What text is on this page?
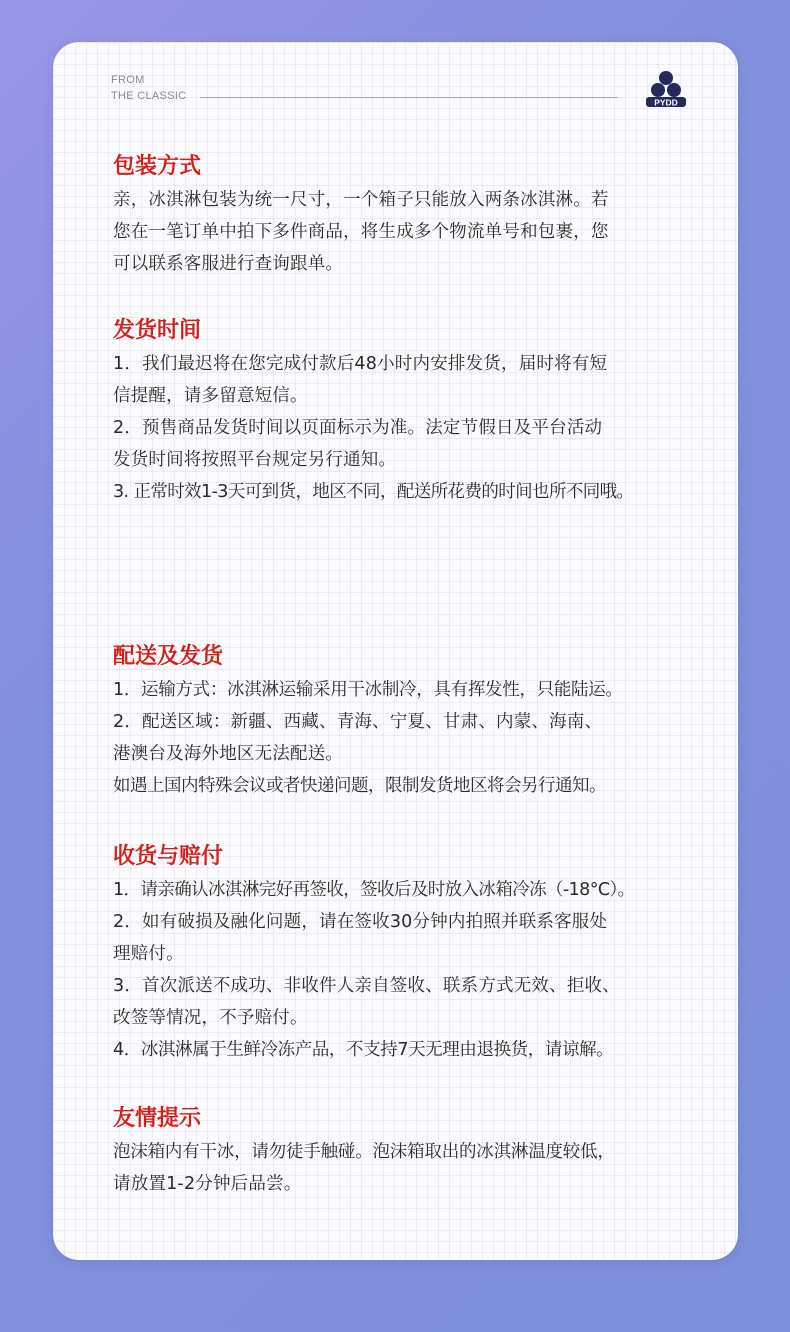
FROM
THE CLASSIC
PYDD
包装方式
亲，冰淇淋包装为统一尺寸，一个箱子只能放入两条冰淇淋。若
您在一笔订单中拍下多件商品，将生成多个物流单号和包裹，您
可以联系客服进行查询跟单。
发货时间
1．我们最迟将在您完成付款后48小时内安排发货，届时将有短
信提醒，请多留意短信。
2．预售商品发货时间以页面标示为准。法定节假日及平台活动
发货时间将按照平台规定另行通知。
3. 正常时效1-3天可到货，地区不同，配送所花费的时间也所不同哦。
配送及发货
1．运输方式：冰淇淋运输采用干冰制冷，具有挥发性，只能陆运。
2．配送区域：新疆、西藏、青海、宁夏、甘肃、内蒙、海南、
港澳台及海外地区无法配送。
如遇上国内特殊会议或者快递问题，限制发货地区将会另行通知。
收货与赔付
1．请亲确认冰淇淋完好再签收，签收后及时放入冰箱冷冻（-18°C）。
2．如有破损及融化问题，请在签收30分钟内拍照并联系客服处
理赔付。
3．首次派送不成功、非收件人亲自签收、联系方式无效、拒收、
改签等情况，不予赔付。
4．冰淇淋属于生鲜冷冻产品，不支持7天无理由退换货，请谅解。
友情提示
泡沫箱内有干冰，请勿徒手触碰。泡沫箱取出的冰淇淋温度较低，
请放置1-2分钟后品尝。
